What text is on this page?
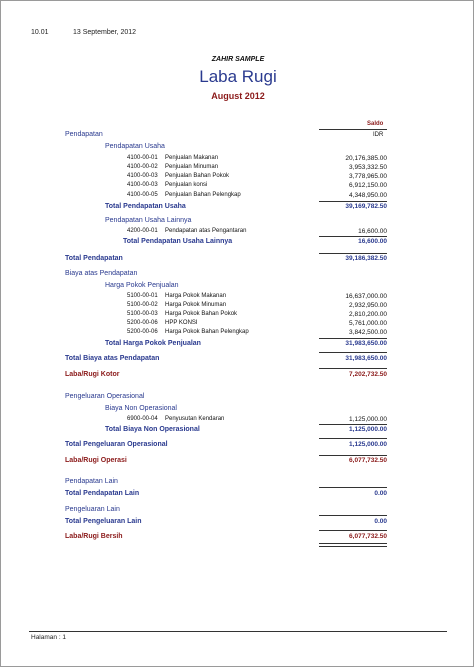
10.01	13 September, 2012
ZAHIR SAMPLE
Laba Rugi
August 2012
Saldo
IDR
Pendapatan
Pendapatan Usaha
4100-00-01 Penjualan Makanan	20,176,385.00
4100-00-02 Penjualan Minuman	3,953,332.50
4100-00-03 Penjualan Bahan Pokok	3,778,965.00
4100-00-03 Penjualan konsi	6,912,150.00
4100-00-05 Penjualan Bahan Pelengkap	4,348,950.00
Total Pendapatan Usaha	39,169,782.50
Pendapatan Usaha Lainnya
4200-00-01 Pendapatan atas Pengantaran	16,600.00
Total Pendapatan Usaha Lainnya	16,600.00
Total Pendapatan	39,186,382.50
Biaya atas Pendapatan
Harga Pokok Penjualan
5100-00-01 Harga Pokok Makanan	16,637,000.00
5100-00-02 Harga Pokok Minuman	2,932,950.00
5100-00-03 Harga Pokok Bahan Pokok	2,810,200.00
5200-00-06 HPP KONSI	5,761,000.00
5200-00-06 Harga Pokok Bahan Pelengkap	3,842,500.00
Total Harga Pokok Penjualan	31,983,650.00
Total Biaya atas Pendapatan	31,983,650.00
Laba/Rugi Kotor	7,202,732.50
Pengeluaran Operasional
Biaya Non Operasional
6900-00-04 Penyusutan Kendaran	1,125,000.00
Total Biaya Non Operasional	1,125,000.00
Total Pengeluaran Operasional	1,125,000.00
Laba/Rugi Operasi	6,077,732.50
Pendapatan Lain
Total Pendapatan Lain	0.00
Pengeluaran Lain
Total Pengeluaran Lain	0.00
Laba/Rugi Bersih	6,077,732.50
Halaman : 1
